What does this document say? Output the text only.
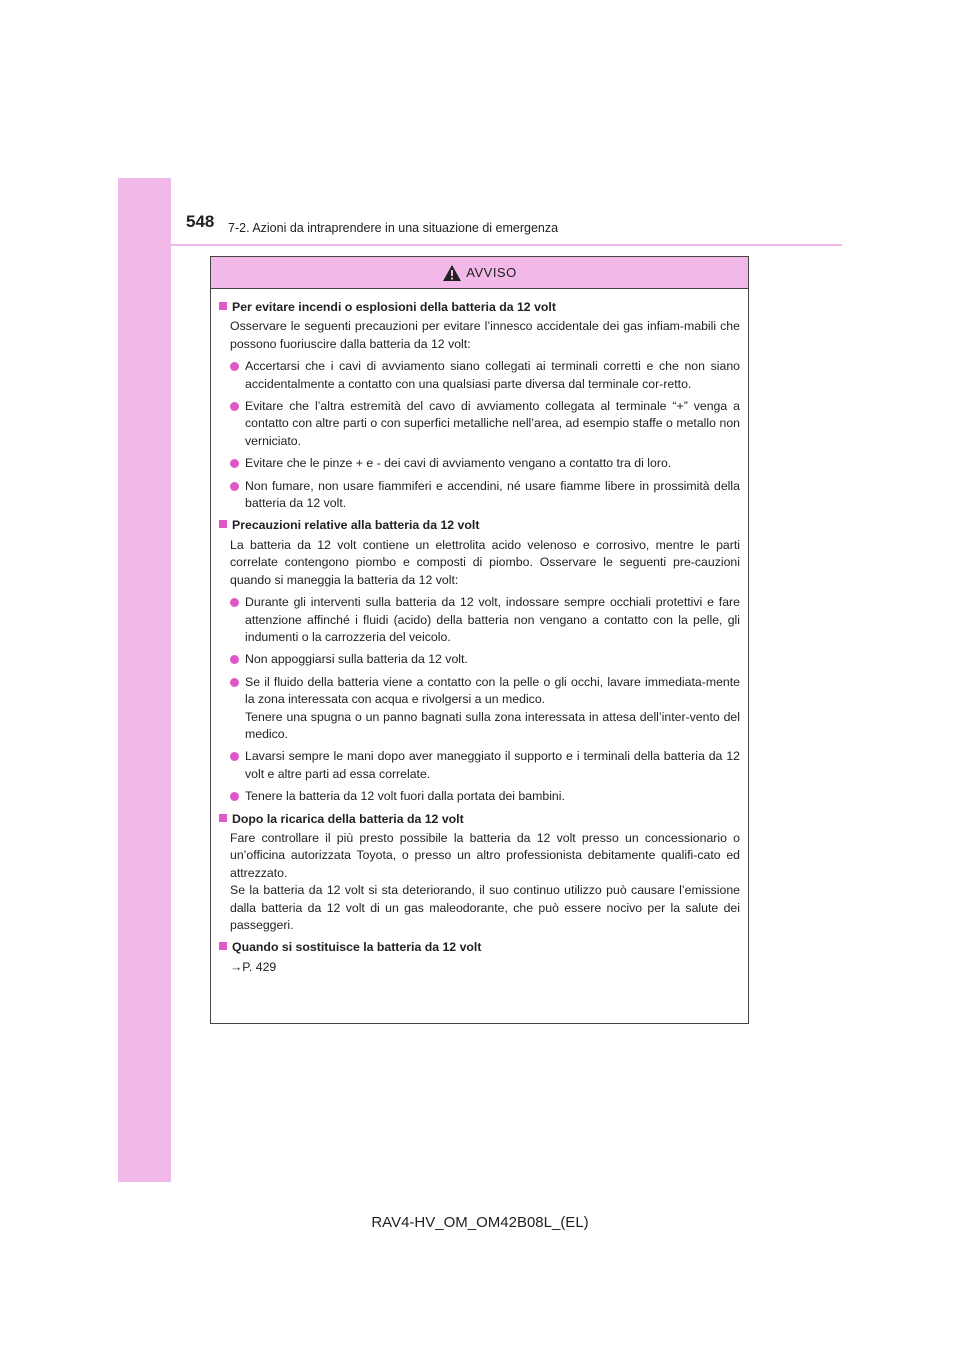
548 7-2. Azioni da intraprendere in una situazione di emergenza
AVVISO
Per evitare incendi o esplosioni della batteria da 12 volt
Osservare le seguenti precauzioni per evitare l’innesco accidentale dei gas infiam-mabili che possono fuoriuscire dalla batteria da 12 volt:
Accertarsi che i cavi di avviamento siano collegati ai terminali corretti e che non siano accidentalmente a contatto con una qualsiasi parte diversa dal terminale cor-retto.
Evitare che l’altra estremità del cavo di avviamento collegata al terminale “+” venga a contatto con altre parti o con superfici metalliche nell’area, ad esempio staffe o metallo non verniciato.
Evitare che le pinze + e - dei cavi di avviamento vengano a contatto tra di loro.
Non fumare, non usare fiammiferi e accendini, né usare fiamme libere in prossimità della batteria da 12 volt.
Precauzioni relative alla batteria da 12 volt
La batteria da 12 volt contiene un elettrolita acido velenoso e corrosivo, mentre le parti correlate contengono piombo e composti di piombo. Osservare le seguenti pre-cauzioni quando si maneggia la batteria da 12 volt:
Durante gli interventi sulla batteria da 12 volt, indossare sempre occhiali protettivi e fare attenzione affinché i fluidi (acido) della batteria non vengano a contatto con la pelle, gli indumenti o la carrozzeria del veicolo.
Non appoggiarsi sulla batteria da 12 volt.
Se il fluido della batteria viene a contatto con la pelle o gli occhi, lavare immediata-mente la zona interessata con acqua e rivolgersi a un medico.
Tenere una spugna o un panno bagnati sulla zona interessata in attesa dell’inter-vento del medico.
Lavarsi sempre le mani dopo aver maneggiato il supporto e i terminali della batteria da 12 volt e altre parti ad essa correlate.
Tenere la batteria da 12 volt fuori dalla portata dei bambini.
Dopo la ricarica della batteria da 12 volt
Fare controllare il più presto possibile la batteria da 12 volt presso un concessionario o un’officina autorizzata Toyota, o presso un altro professionista debitamente qualifi-cato ed attrezzato.
Se la batteria da 12 volt si sta deteriorando, il suo continuo utilizzo può causare l’emissione dalla batteria da 12 volt di un gas maleodorante, che può essere nocivo per la salute dei passeggeri.
Quando si sostituisce la batteria da 12 volt
→P. 429
RAV4-HV_OM_OM42B08L_(EL)
